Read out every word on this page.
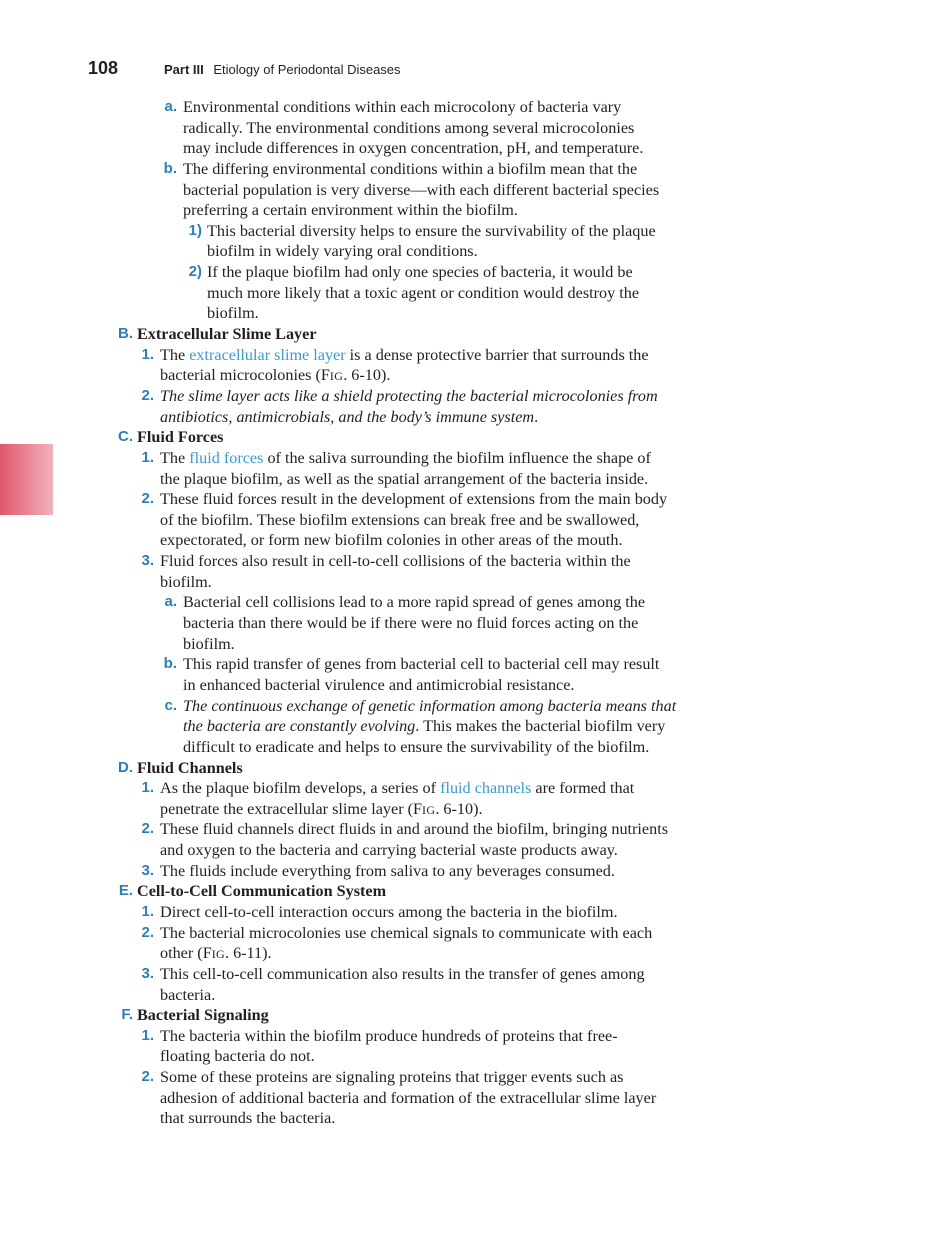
108	Part III Etiology of Periodontal Diseases
a. Environmental conditions within each microcolony of bacteria vary
radically. The environmental conditions among several microcolonies
may include differences in oxygen concentration, pH, and temperature.
b. The differing environmental conditions within a biofilm mean that the
bacterial population is very diverse—with each different bacterial species
preferring a certain environment within the biofilm.
1) This bacterial diversity helps to ensure the survivability of the plaque
biofilm in widely varying oral conditions.
2) If the plaque biofilm had only one species of bacteria, it would be
much more likely that a toxic agent or condition would destroy the
biofilm.
B. Extracellular Slime Layer
1. The extracellular slime layer is a dense protective barrier that surrounds the
bacterial microcolonies (FIG. 6-10).
2. The slime layer acts like a shield protecting the bacterial microcolonies from
antibiotics, antimicrobials, and the body’s immune system.
C. Fluid Forces
1. The fluid forces of the saliva surrounding the biofilm influence the shape of
the plaque biofilm, as well as the spatial arrangement of the bacteria inside.
2. These fluid forces result in the development of extensions from the main body
of the biofilm. These biofilm extensions can break free and be swallowed,
expectorated, or form new biofilm colonies in other areas of the mouth.
3. Fluid forces also result in cell-to-cell collisions of the bacteria within the
biofilm.
a. Bacterial cell collisions lead to a more rapid spread of genes among the
bacteria than there would be if there were no fluid forces acting on the
biofilm.
b. This rapid transfer of genes from bacterial cell to bacterial cell may result
in enhanced bacterial virulence and antimicrobial resistance.
c. The continuous exchange of genetic information among bacteria means that
the bacteria are constantly evolving. This makes the bacterial biofilm very
difficult to eradicate and helps to ensure the survivability of the biofilm.
D. Fluid Channels
1. As the plaque biofilm develops, a series of fluid channels are formed that
penetrate the extracellular slime layer (FIG. 6-10).
2. These fluid channels direct fluids in and around the biofilm, bringing nutrients
and oxygen to the bacteria and carrying bacterial waste products away.
3. The fluids include everything from saliva to any beverages consumed.
E. Cell-to-Cell Communication System
1. Direct cell-to-cell interaction occurs among the bacteria in the biofilm.
2. The bacterial microcolonies use chemical signals to communicate with each
other (FIG. 6-11).
3. This cell-to-cell communication also results in the transfer of genes among
bacteria.
F. Bacterial Signaling
1. The bacteria within the biofilm produce hundreds of proteins that free-
floating bacteria do not.
2. Some of these proteins are signaling proteins that trigger events such as
adhesion of additional bacteria and formation of the extracellular slime layer
that surrounds the bacteria.
